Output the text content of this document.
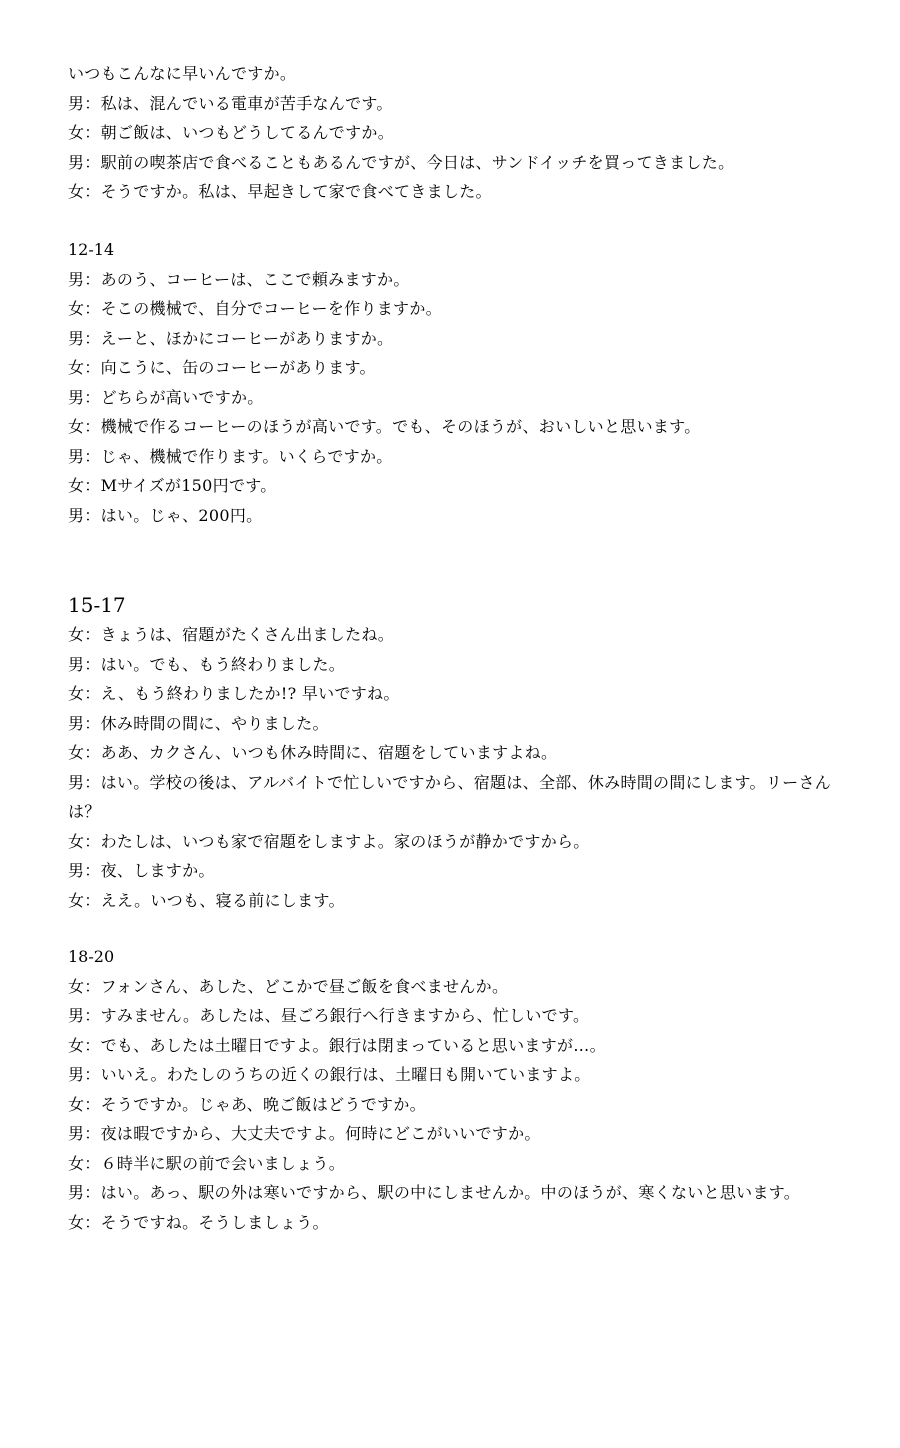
いつもこんなに早いんですか。
男：私は、混んでいる電車が苦手なんです。
女：朝ご飯は、いつもどうしてるんですか。
男：駅前の喫茶店で食べることもあるんですが、今日は、サンドイッチを買ってきました。
女：そうですか。私は、早起きして家で食べてきました。
12-14
男：あのう、コーヒーは、ここで頼みますか。
女：そこの機械で、自分でコーヒーを作りますか。
男：えーと、ほかにコーヒーがありますか。
女：向こうに、缶のコーヒーがあります。
男：どちらが高いですか。
女：機械で作るコーヒーのほうが高いです。でも、そのほうが、おいしいと思います。
男：じゃ、機械で作ります。いくらですか。
女：Mサイズが150円です。
男：はい。じゃ、200円。
15-17
女：きょうは、宿題がたくさん出ましたね。
男：はい。でも、もう終わりました。
女：え、もう終わりましたか!? 早いですね。
男：休み時間の間に、やりました。
女：ああ、カクさん、いつも休み時間に、宿題をしていますよね。
男：はい。学校の後は、アルバイトで忙しいですから、宿題は、全部、休み時間の間にします。リーさんは？
女：わたしは、いつも家で宿題をしますよ。家のほうが静かですから。
男：夜、しますか。
女：ええ。いつも、寝る前にします。
18-20
女：フォンさん、あした、どこかで昼ご飯を食べませんか。
男：すみません。あしたは、昼ごろ銀行へ行きますから、忙しいです。
女：でも、あしたは土曜日ですよ。銀行は閉まっていると思いますが…。
男：いいえ。わたしのうちの近くの銀行は、土曜日も開いていますよ。
女：そうですか。じゃあ、晩ご飯はどうですか。
男：夜は暇ですから、大丈夫ですよ。何時にどこがいいですか。
女：６時半に駅の前で会いましょう。
男：はい。あっ、駅の外は寒いですから、駅の中にしませんか。中のほうが、寒くないと思います。
女：そうですね。そうしましょう。
